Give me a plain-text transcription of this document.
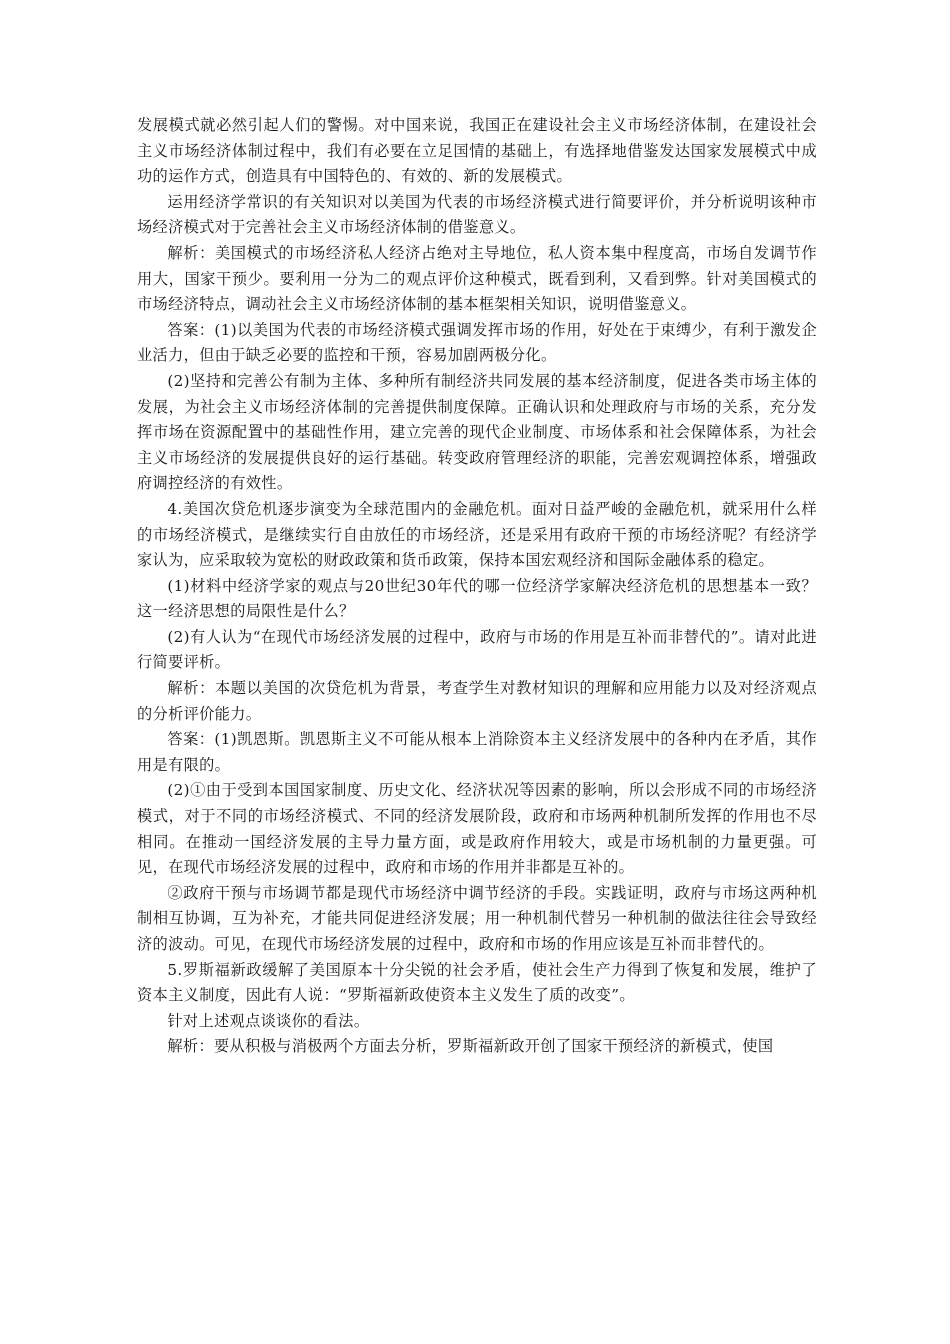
发展模式就必然引起人们的警惕。对中国来说，我国正在建设社会主义市场经济体制，在建设社会主义市场经济体制过程中，我们有必要在立足国情的基础上，有选择地借鉴发达国家发展模式中成功的运作方式，创造具有中国特色的、有效的、新的发展模式。

运用经济学常识的有关知识对以美国为代表的市场经济模式进行简要评价，并分析说明该种市场经济模式对于完善社会主义市场经济体制的借鉴意义。

解析：美国模式的市场经济私人经济占绝对主导地位，私人资本集中程度高，市场自发调节作用大，国家干预少。要利用一分为二的观点评价这种模式，既看到利，又看到弊。针对美国模式的市场经济特点，调动社会主义市场经济体制的基本框架相关知识，说明借鉴意义。

答案：(1)以美国为代表的市场经济模式强调发挥市场的作用，好处在于束缚少，有利于激发企业活力，但由于缺乏必要的监控和干预，容易加剧两极分化。

(2)坚持和完善公有制为主体、多种所有制经济共同发展的基本经济制度，促进各类市场主体的发展，为社会主义市场经济体制的完善提供制度保障。正确认识和处理政府与市场的关系，充分发挥市场在资源配置中的基础性作用，建立完善的现代企业制度、市场体系和社会保障体系，为社会主义市场经济的发展提供良好的运行基础。转变政府管理经济的职能，完善宏观调控体系，增强政府调控经济的有效性。

4.美国次贷危机逐步演变为全球范围内的金融危机。面对日益严峻的金融危机，就采用什么样的市场经济模式，是继续实行自由放任的市场经济，还是采用有政府干预的市场经济呢？有经济学家认为，应采取较为宽松的财政政策和货币政策，保持本国宏观经济和国际金融体系的稳定。

(1)材料中经济学家的观点与20世纪30年代的哪一位经济学家解决经济危机的思想基本一致？这一经济思想的局限性是什么？

(2)有人认为“在现代市场经济发展的过程中，政府与市场的作用是互补而非替代的”。请对此进行简要评析。

解析：本题以美国的次贷危机为背景，考查学生对教材知识的理解和应用能力以及对经济观点的分析评价能力。

答案：(1)凯恩斯。凯恩斯主义不可能从根本上消除资本主义经济发展中的各种内在矛盾，其作用是有限的。

(2)①由于受到本国国家制度、历史文化、经济状况等因素的影响，所以会形成不同的市场经济模式，对于不同的市场经济模式、不同的经济发展阶段，政府和市场两种机制所发挥的作用也不尽相同。在推动一国经济发展的主导力量方面，或是政府作用较大，或是市场机制的力量更强。可见，在现代市场经济发展的过程中，政府和市场的作用并非都是互补的。

②政府干预与市场调节都是现代市场经济中调节经济的手段。实践证明，政府与市场这两种机制相互协调，互为补充，才能共同促进经济发展；用一种机制代替另一种机制的做法往往会导致经济的波动。可见，在现代市场经济发展的过程中，政府和市场的作用应该是互补而非替代的。

5.罗斯福新政缓解了美国原本十分尖锐的社会矛盾，使社会生产力得到了恢复和发展，维护了资本主义制度，因此有人说：“罗斯福新政使资本主义发生了质的改变”。

针对上述观点谈谈你的看法。

解析：要从积极与消极两个方面去分析，罗斯福新政开创了国家干预经济的新模式，使国
